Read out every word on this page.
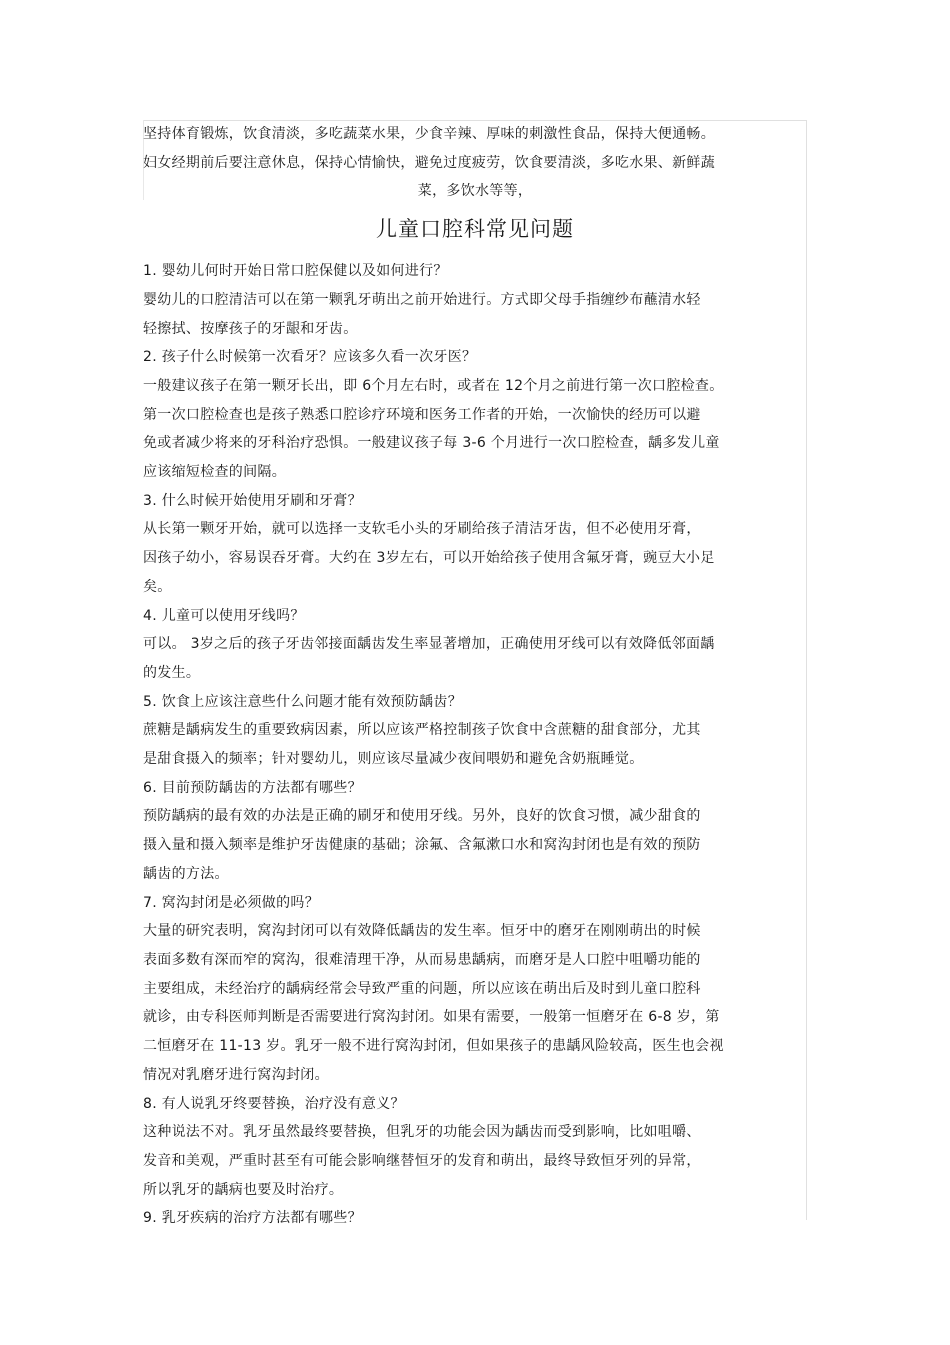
坚持体育锻炼，饮食清淡，多吃蔬菜水果，少食辛辣、厚味的刺激性食品，保持大便通畅。
妇女经期前后要注意休息，保持心情愉快，避免过度疲劳，饮食要清淡，多吃水果、新鲜蔬
菜，多饮水等等，
儿童口腔科常见问题
1. 婴幼儿何时开始日常口腔保健以及如何进行？
婴幼儿的口腔清洁可以在第一颗乳牙萌出之前开始进行。方式即父母手指缠纱布蘸清水轻
轻擦拭、按摩孩子的牙龈和牙齿。
2. 孩子什么时候第一次看牙？应该多久看一次牙医？
一般建议孩子在第一颗牙长出，即 6个月左右时，或者在 12个月之前进行第一次口腔检查。
第一次口腔检查也是孩子熟悉口腔诊疗环境和医务工作者的开始，一次愉快的经历可以避
免或者减少将来的牙科治疗恐惧。一般建议孩子每 3-6 个月进行一次口腔检查，龋多发儿童
应该缩短检查的间隔。
3. 什么时候开始使用牙刷和牙膏？
从长第一颗牙开始，就可以选择一支软毛小头的牙刷给孩子清洁牙齿，但不必使用牙膏，
因孩子幼小，容易误吞牙膏。大约在 3岁左右，可以开始给孩子使用含氟牙膏，豌豆大小足
矣。
4. 儿童可以使用牙线吗？
可以。 3岁之后的孩子牙齿邻接面龋齿发生率显著增加，正确使用牙线可以有效降低邻面龋
的发生。
5. 饮食上应该注意些什么问题才能有效预防龋齿？
蔗糖是龋病发生的重要致病因素，所以应该严格控制孩子饮食中含蔗糖的甜食部分，尤其
是甜食摄入的频率；针对婴幼儿，则应该尽量减少夜间喂奶和避免含奶瓶睡觉。
6. 目前预防龋齿的方法都有哪些？
预防龋病的最有效的办法是正确的刷牙和使用牙线。另外，良好的饮食习惯，减少甜食的
摄入量和摄入频率是维护牙齿健康的基础；涂氟、含氟漱口水和窝沟封闭也是有效的预防
龋齿的方法。
7. 窝沟封闭是必须做的吗？
大量的研究表明，窝沟封闭可以有效降低龋齿的发生率。恒牙中的磨牙在刚刚萌出的时候
表面多数有深而窄的窝沟，很难清理干净，从而易患龋病，而磨牙是人口腔中咀嚼功能的
主要组成，未经治疗的龋病经常会导致严重的问题，所以应该在萌出后及时到儿童口腔科
就诊，由专科医师判断是否需要进行窝沟封闭。如果有需要，一般第一恒磨牙在 6-8 岁，第
二恒磨牙在 11-13 岁。乳牙一般不进行窝沟封闭，但如果孩子的患龋风险较高，医生也会视
情况对乳磨牙进行窝沟封闭。
8. 有人说乳牙终要替换，治疗没有意义？
这种说法不对。乳牙虽然最终要替换，但乳牙的功能会因为龋齿而受到影响，比如咀嚼、
发音和美观，严重时甚至有可能会影响继替恒牙的发育和萌出，最终导致恒牙列的异常，
所以乳牙的龋病也要及时治疗。
9. 乳牙疾病的治疗方法都有哪些？
